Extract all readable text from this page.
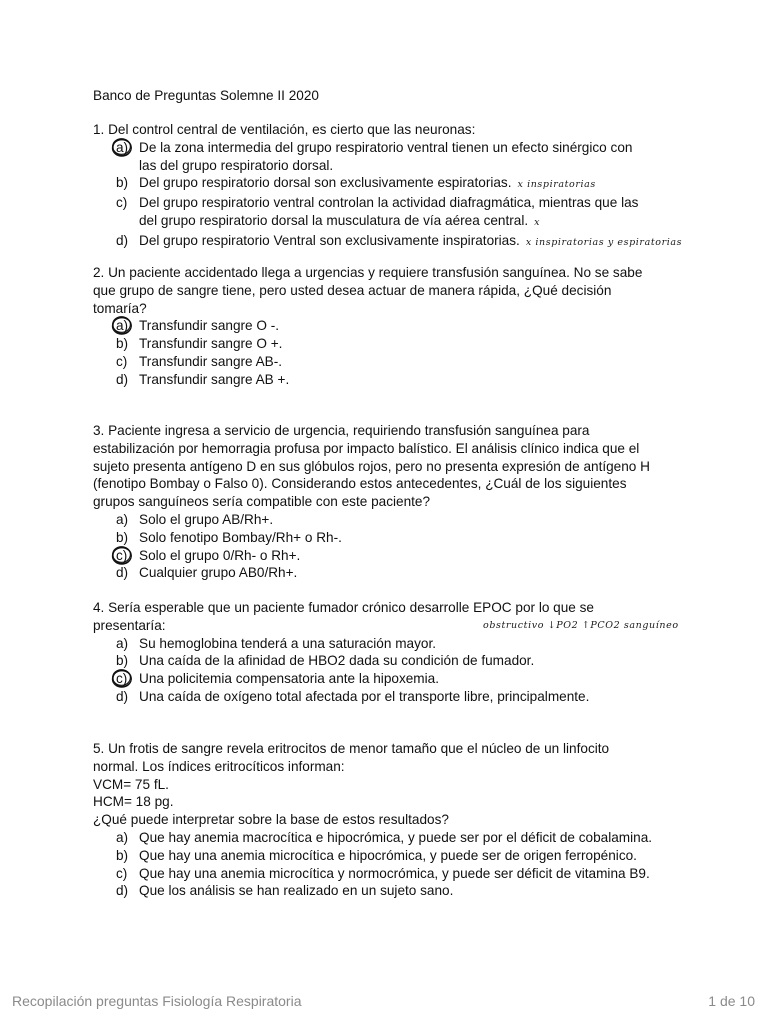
Banco de Preguntas Solemne II 2020
1. Del control central de ventilación, es cierto que las neuronas:
a) De la zona intermedia del grupo respiratorio ventral tienen un efecto sinérgico con
las del grupo respiratorio dorsal.
b) Del grupo respiratorio dorsal son exclusivamente espiratorias. x inspiratorias
c) Del grupo respiratorio ventral controlan la actividad diafragmática, mientras que las
del grupo respiratorio dorsal la musculatura de vía aérea central. x
d) Del grupo respiratorio Ventral son exclusivamente inspiratorias. x inspiratorias y espiratorias
2. Un paciente accidentado llega a urgencias y requiere transfusión sanguínea. No se sabe
que grupo de sangre tiene, pero usted desea actuar de manera rápida, ¿Qué decisión
tomaría?
a) Transfundir sangre O -.
b) Transfundir sangre O +.
c) Transfundir sangre AB-.
d) Transfundir sangre AB +.
3. Paciente ingresa a servicio de urgencia, requiriendo transfusión sanguínea para
estabilización por hemorragia profusa por impacto balístico. El análisis clínico indica que el
sujeto presenta antígeno D en sus glóbulos rojos, pero no presenta expresión de antígeno H
(fenotipo Bombay o Falso 0). Considerando estos antecedentes, ¿Cuál de los siguientes
grupos sanguíneos sería compatible con este paciente?
a) Solo el grupo AB/Rh+.
b) Solo fenotipo Bombay/Rh+ o Rh-.
c) Solo el grupo 0/Rh- o Rh+.
d) Cualquier grupo AB0/Rh+.
4. Sería esperable que un paciente fumador crónico desarrolle EPOC por lo que se
presentaría:
a) Su hemoglobina tenderá a una saturación mayor.
b) Una caída de la afinidad de HBO2 dada su condición de fumador.
c) Una policitemia compensatoria ante la hipoxemia.
d) Una caída de oxígeno total afectada por el transporte libre, principalmente.
5. Un frotis de sangre revela eritrocitos de menor tamaño que el núcleo de un linfocito
normal. Los índices eritrocíticos informan:
VCM= 75 fL.
HCM= 18 pg.
¿Qué puede interpretar sobre la base de estos resultados?
a) Que hay anemia macrocítica e hipocrómica, y puede ser por el déficit de cobalamina.
b) Que hay una anemia microcítica e hipocrómica, y puede ser de origen ferropénico.
c) Que hay una anemia microcítica y normocrómica, y puede ser déficit de vitamina B9.
d) Que los análisis se han realizado en un sujeto sano.
Recopilación preguntas Fisiología Respiratoria	1 de 10
obstructivo ↓PO2 ↑PCO2 sanguíneo
